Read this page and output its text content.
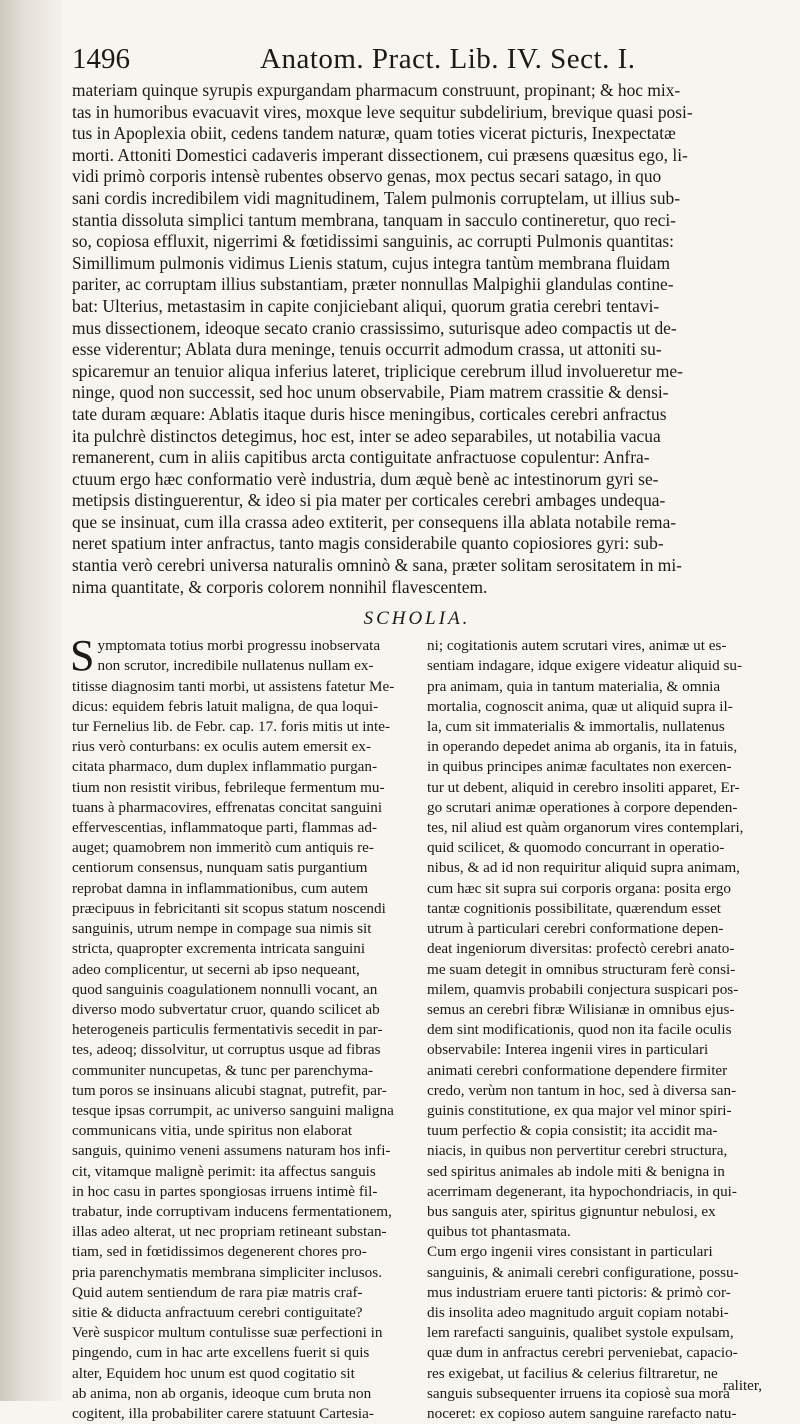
1496	Anatom. Pract. Lib. IV. Sect. I.
materiam quinque syrupis expurgandam pharmacum construunt, propinant; & hoc mix-
tas in humoribus evacuavit vires, moxque leve sequitur subdelirium, brevique quasi posi-
tus in Apoplexia obiit, cedens tandem naturæ, quam toties vicerat picturis, Inexpectatæ
morti. Attoniti Domestici cadaveris imperant dissectionem, cui præsens quæsitus ego, li-
vidi primò corporis intensè rubentes observo genas, mox pectus secari satago, in quo
sani cordis incredibilem vidi magnitudinem, Talem pulmonis corruptelam, ut illius sub-
stantia dissoluta simplici tantum membrana, tanquam in sacculo contineretur, quo reci-
so, copiosa effluxit, nigerrimi & fœtidissimi sanguinis, ac corrupti Pulmonis quantitas:
Simillimum pulmonis vidimus Lienis statum, cujus integra tantùm membrana fluidam
pariter, ac corruptam illius substantiam, præter nonnullas Malpighii glandulas contine-
bat: Ulterius, metastasim in capite conjiciebant aliqui, quorum gratia cerebri tentavi-
mus dissectionem, ideoque secato cranio crassissimo, suturisque adeo compactis ut de-
esse viderentur; Ablata dura meninge, tenuis occurrit admodum crassa, ut attoniti su-
spicaremur an tenuior aliqua inferius lateret, triplicique cerebrum illud involueretur me-
ninge, quod non successit, sed hoc unum observabile, Piam matrem crassitie & densi-
tate duram æquare: Ablatis itaque duris hisce meningibus, corticales cerebri anfractus
ita pulchrè distinctos detegimus, hoc est, inter se adeo separabiles, ut notabilia vacua
remanerent, cum in aliis capitibus arcta contiguitate anfractuose copulentur: Anfra-
ctuum ergo hæc conformatio verè industria, dum æquè benè ac intestinorum gyri se-
metipsis distinguerentur, & ideo si pia mater per corticales cerebri ambages undequa-
que se insinuat, cum illa crassa adeo extiterit, per consequens illa ablata notabile rema-
neret spatium inter anfractus, tanto magis considerabile quanto copiosiores gyri: sub-
stantia verò cerebri universa naturalis omninò & sana, præter solitam serositatem in mi-
nima quantitate, & corporis colorem nonnihil flavescentem.
SCHOLIA.
S ymptomata totius morbi progressu inobservata
non scrutor, incredibile nullatenus nullam ex-
titisse diagnosim tanti morbi, ut assistens fatetur Me-
dicus: equidem febris latuit maligna, de qua loqui-
tur Fernelius lib. de Febr. cap. 17. foris mitis ut inte-
rius verò conturbans: ex oculis autem emersit ex-
citata pharmaco, dum duplex inflammatio purgan-
tium non resistit viribus, febrileque fermentum mu-
tuans à pharmacovires, effrenatas concitat sanguini
effervescentias, inflammatoque parti, flammas ad-
auget; quamobrem non immeritò cum antiquis re-
centiorum consensus, nunquam satis purgantium
reprobat damna in inflammationibus, cum autem
præcipuus in febricitanti sit scopus statum noscendi
sanguinis, utrum nempe in compage sua nimis sit
stricta, quapropter excrementa intricata sanguini
adeo complicentur, ut secerni ab ipso nequeant,
quod sanguinis coagulationem nonnulli vocant, an
diverso modo subvertatur cruor, quando scilicet ab
heterogeneis particulis fermentativis secedit in par-
tes, adeoq; dissolvitur, ut corruptus usque ad fibras
communiter nuncupetas, & tunc per parenchyma-
tum poros se insinuans alicubi stagnat, putrefit, par-
tesque ipsas corrumpit, ac universo sanguini maligna
communicans vitia, unde spiritus non elaborat
sanguis, quinimo veneni assumens naturam hos infi-
cit, vitamque malignè perimit: ita affectus sanguis
in hoc casu in partes spongiosas irruens intimè fil-
trabatur, inde corruptivam inducens fermentationem,
illas adeo alterat, ut nec propriam retineant substan-
tiam, sed in fœtidissimos degenerent chores pro-
pria parenchymatis membrana simpliciter inclusos.
Quid autem sentiendum de rara piæ matris craf-
sitie & diducta anfractuum cerebri contiguitate?
Verè suspicor multum contulisse suæ perfectioni in
pingendo, cum in hac arte excellens fuerit si quis
alter, Equidem hoc unum est quod cogitatio sit
ab anima, non ab organis, ideoque cum bruta non
cogitent, illa probabiliter carere statuunt Cartesia-
ni; cogitationis autem scrutari vires, animæ ut es-
sentiam indagare, idque exigere videatur aliquid su-
pra animam, quia in tantum materialia, & omnia
mortalia, cognoscit anima, quæ ut aliquid supra il-
la, cum sit immaterialis & immortalis, nullatenus
in operando depedet anima ab organis, ita in fatuis,
in quibus principes animæ facultates non exercen-
tur ut debent, aliquid in cerebro insoliti apparet, Er-
go scrutari animæ operationes à corpore dependen-
tes, nil aliud est quàm organorum vires contemplari,
quid scilicet, & quomodo concurrant in operatio-
nibus, & ad id non requiritur aliquid supra animam,
cum hæc sit supra sui corporis organa: posita ergo
tantæ cognitionis possibilitate, quærendum esset
utrum à particulari cerebri conformatione depen-
deat ingeniorum diversitas: profectò cerebri anato-
me suam detegit in omnibus structuram ferè consi-
milem, quamvis probabili conjectura suspicari pos-
semus an cerebri fibræ Wilisianæ in omnibus ejus-
dem sint modificationis, quod non ita facile oculis
observabile: Interea ingenii vires in particulari
animati cerebri conformatione dependere firmiter
credo, verùm non tantum in hoc, sed à diversa san-
guinis constitutione, ex qua major vel minor spiri-
tuum perfectio & copia consistit; ita accidit ma-
niacis, in quibus non pervertitur cerebri structura,
sed spiritus animales ab indole miti & benigna in
acerrimam degenerant, ita hypochondriacis, in qui-
bus sanguis ater, spiritus gignuntur nebulosi, ex
quibus tot phantasmata.
Cum ergo ingenii vires consistant in particulari
sanguinis, & animali cerebri configuratione, possu-
mus industriam eruere tanti pictoris: & primò cor-
dis insolita adeo magnitudo arguit copiam notabi-
lem rarefacti sanguinis, qualibet systole expulsam,
quæ dum in anfractus cerebri perveniebat, capacio-
res exigebat, ut facilius & celerius filtraretur, ne
sanguis subsequenter irruens ita copiosè sua mora
noceret: ex copioso autem sanguine rarefacto natu-
raliter,
